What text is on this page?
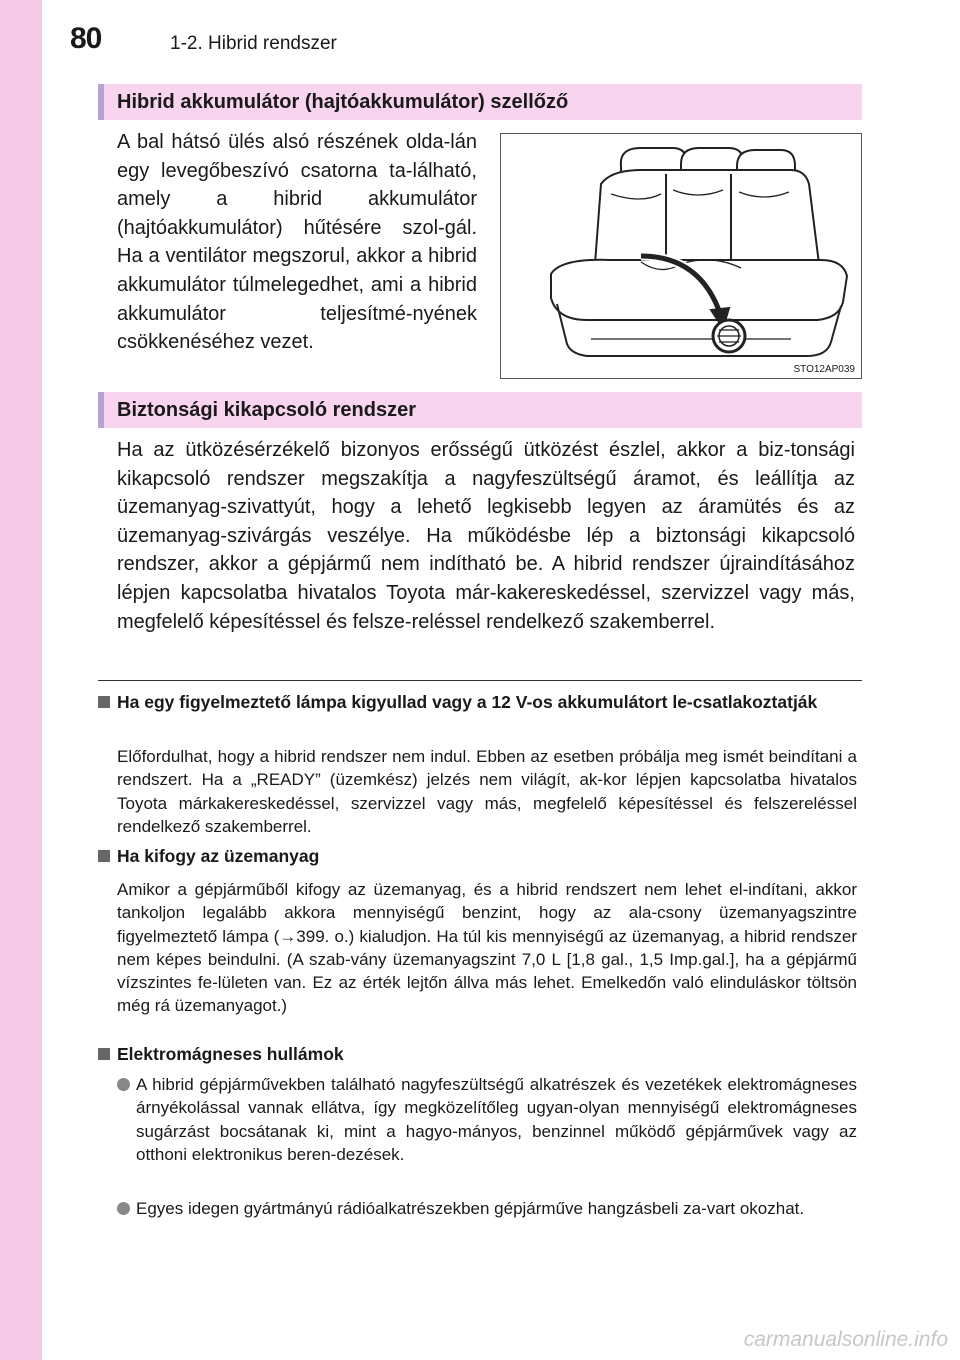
80	1-2. Hibrid rendszer
Hibrid akkumulátor (hajtóakkumulátor) szellőző

A bal hátsó ülés alsó részének olda-lán egy levegőbeszívó csatorna ta-lálható, amely a hibrid akkumulátor (hajtóakkumulátor) hűtésére szol-gál. Ha a ventilátor megszorul, akkor a hibrid akkumulátor túlmelegedhet, ami a hibrid akkumulátor teljesítmé-nyének csökkenéséhez vezet.

STO12AP039
Biztonsági kikapcsoló rendszer

Ha az ütközésérzékelő bizonyos erősségű ütközést észlel, akkor a biz-tonsági kikapcsoló rendszer megszakítja a nagyfeszültségű áramot, és leállítja az üzemanyag-szivattyút, hogy a lehető legkisebb legyen az áramütés és az üzemanyag-szivárgás veszélye. Ha működésbe lép a biztonsági kikapcsoló rendszer, akkor a gépjármű nem indítható be. A hibrid rendszer újraindításához lépjen kapcsolatba hivatalos Toyota már-kakereskedéssel, szervizzel vagy más, megfelelő képesítéssel és felsze-reléssel rendelkező szakemberrel.

Ha egy figyelmeztető lámpa kigyullad vagy a 12 V-os akkumulátort le-csatlakoztatják

Előfordulhat, hogy a hibrid rendszer nem indul. Ebben az esetben próbálja meg ismét beindítani a rendszert. Ha a „READY” (üzemkész) jelzés nem világít, ak-kor lépjen kapcsolatba hivatalos Toyota márkakereskedéssel, szervizzel vagy más, megfelelő képesítéssel és felszereléssel rendelkező szakemberrel.

Ha kifogy az üzemanyag

Amikor a gépjárműből kifogy az üzemanyag, és a hibrid rendszert nem lehet el-indítani, akkor tankoljon legalább akkora mennyiségű benzint, hogy az ala-csony üzemanyagszintre figyelmeztető lámpa (→399. o.) kialudjon. Ha túl kis mennyiségű az üzemanyag, a hibrid rendszer nem képes beindulni. (A szab-vány üzemanyagszint 7,0 L [1,8 gal., 1,5 Imp.gal.], ha a gépjármű vízszintes fe-lületen van. Ez az érték lejtőn állva más lehet. Emelkedőn való elinduláskor töltsön még rá üzemanyagot.)

Elektromágneses hullámok
A hibrid gépjárművekben található nagyfeszültségű alkatrészek és vezetékek elektromágneses árnyékolással vannak ellátva, így megközelítőleg ugyan-olyan mennyiségű elektromágneses sugárzást bocsátanak ki, mint a hagyo-mányos, benzinnel működő gépjárművek vagy az otthoni elektronikus beren-dezések.
Egyes idegen gyártmányú rádióalkatrészekben gépjárműve hangzásbeli za-vart okozhat.
carmanualsonline.info
